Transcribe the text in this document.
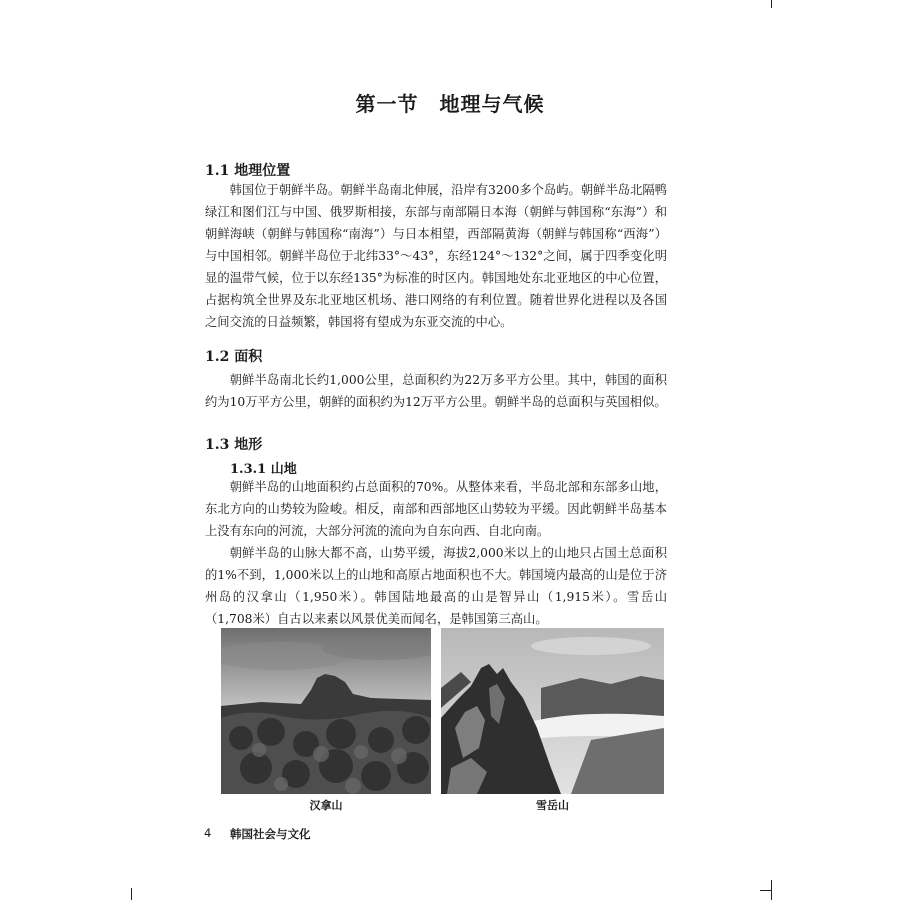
第一节　地理与气候
1.1 地理位置

韩国位于朝鲜半岛。朝鲜半岛南北伸展，沿岸有3200多个岛屿。朝鲜半岛北隔鸭绿江和图们江与中国、俄罗斯相接，东部与南部隔日本海（朝鲜与韩国称“东海”）和朝鲜海峡（朝鲜与韩国称“南海”）与日本相望，西部隔黄海（朝鲜与韩国称“西海”）与中国相邻。朝鲜半岛位于北纬33°～43°，东经124°～132°之间，属于四季变化明显的温带气候，位于以东经135°为标准的时区内。韩国地处东北亚地区的中心位置，占据构筑全世界及东北亚地区机场、港口网络的有利位置。随着世界化进程以及各国之间交流的日益频繁，韩国将有望成为东亚交流的中心。

1.2 面积

朝鲜半岛南北长约1,000公里，总面积约为22万多平方公里。其中，韩国的面积约为10万平方公里，朝鲜的面积约为12万平方公里。朝鲜半岛的总面积与英国相似。

1.3 地形
1.3.1 山地

朝鲜半岛的山地面积约占总面积的70%。从整体来看，半岛北部和东部多山地，东北方向的山势较为险峻。相反，南部和西部地区山势较为平缓。因此朝鲜半岛基本上没有东向的河流，大部分河流的流向为自东向西、自北向南。

朝鲜半岛的山脉大都不高，山势平缓，海拔2,000米以上的山地只占国土总面积的1%不到，1,000米以上的山地和高原占地面积也不大。韩国境内最高的山是位于济州岛的汉拿山（1,950米）。韩国陆地最高的山是智异山（1,915米）。雪岳山（1,708米）自古以来素以风景优美而闻名，是韩国第三高山。

汉拿山	雪岳山
4 韩国社会与文化
